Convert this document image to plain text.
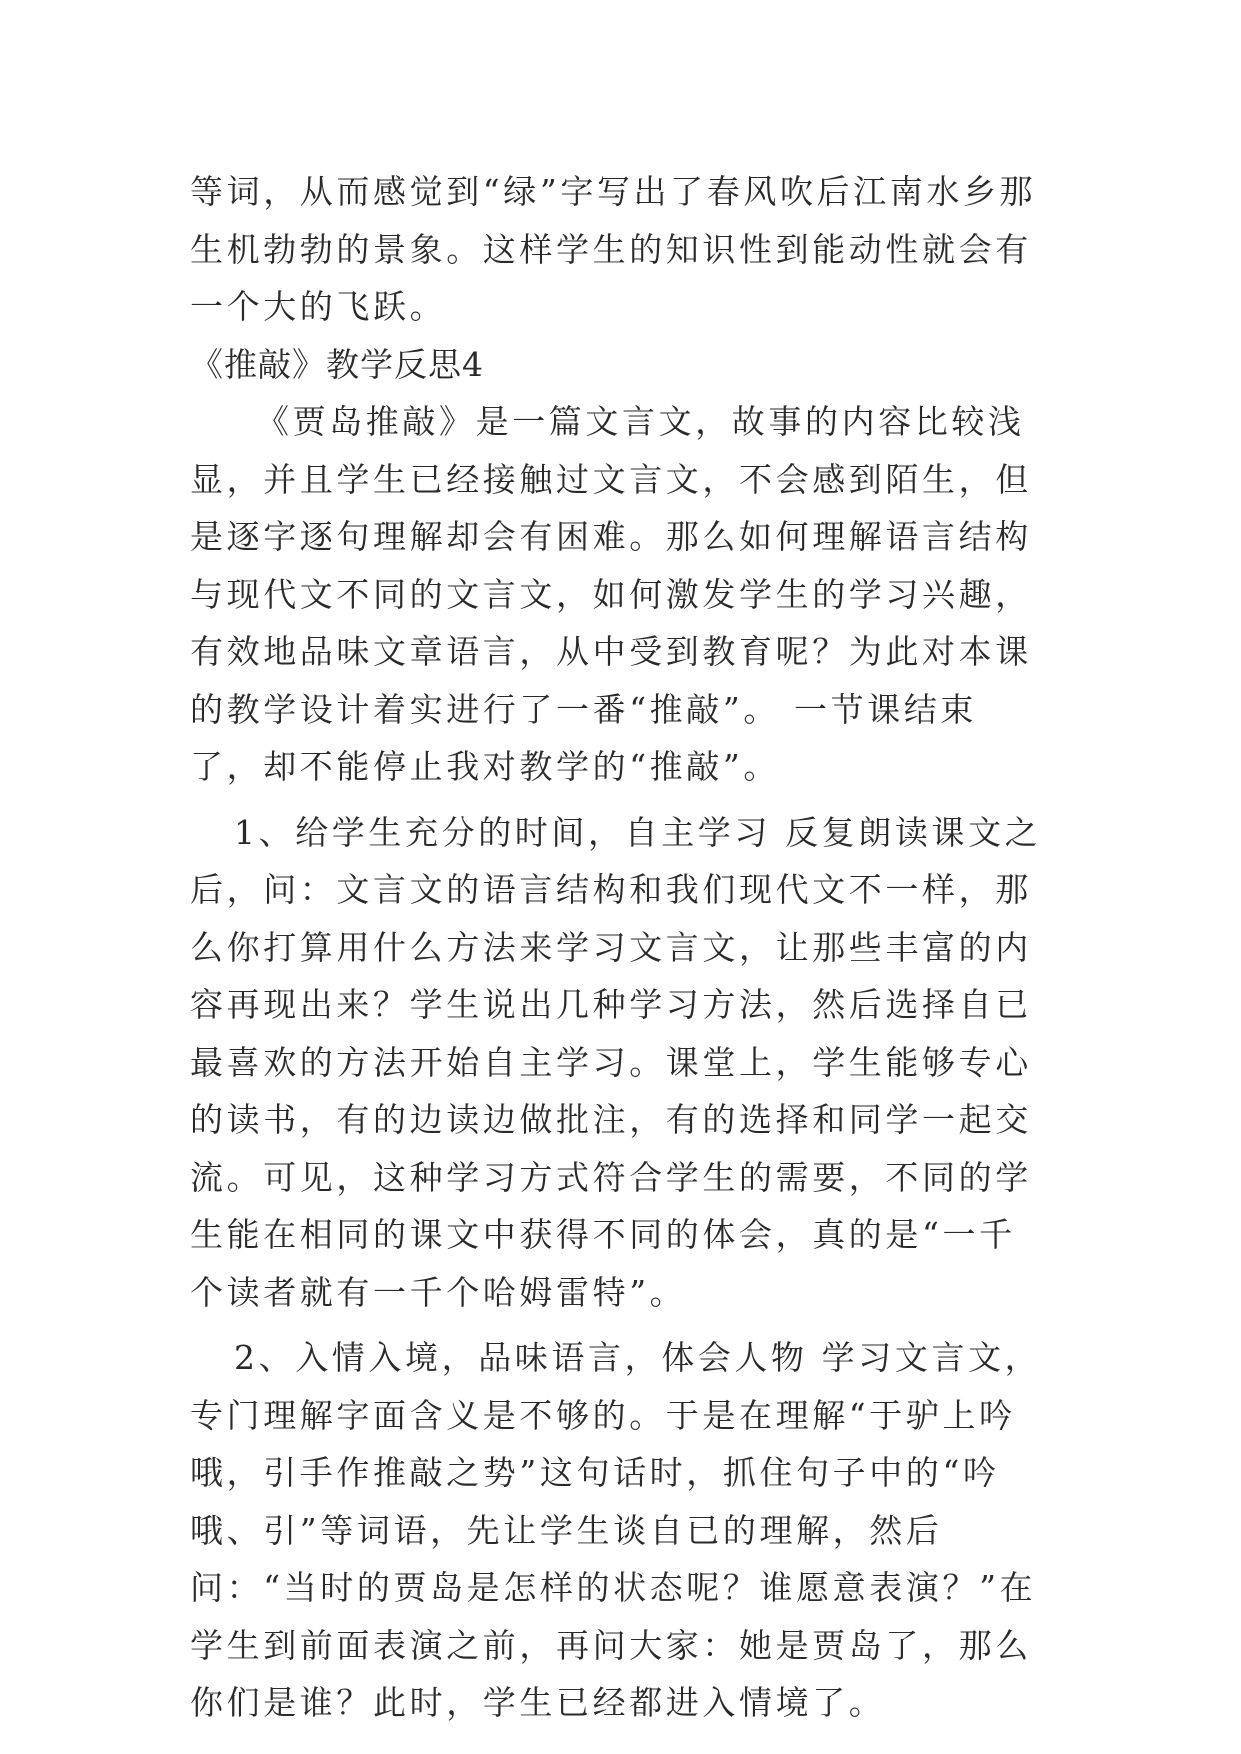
等词，从而感觉到“绿”字写出了春风吹后江南水乡那生机勃勃的景象。这样学生的知识性到能动性就会有一个大的飞跃。

《推敲》教学反思4

《贾岛推敲》是一篇文言文，故事的内容比较浅显，并且学生已经接触过文言文，不会感到陌生，但是逐字逐句理解却会有困难。那么如何理解语言结构与现代文不同的文言文，如何激发学生的学习兴趣，有效地品味文章语言，从中受到教育呢？为此对本课的教学设计着实进行了一番“推敲”。 一节课结束了，却不能停止我对教学的“推敲”。

1、给学生充分的时间，自主学习 反复朗读课文之后，问：文言文的语言结构和我们现代文不一样，那么你打算用什么方法来学习文言文，让那些丰富的内容再现出来？学生说出几种学习方法，然后选择自已最喜欢的方法开始自主学习。课堂上，学生能够专心的读书，有的边读边做批注，有的选择和同学一起交流。可见，这种学习方式符合学生的需要，不同的学生能在相同的课文中获得不同的体会，真的是“一千个读者就有一千个哈姆雷特”。

2、入情入境，品味语言，体会人物 学习文言文，专门理解字面含义是不够的。于是在理解“于驴上吟哦，引手作推敲之势”这句话时，抓住句子中的“吟哦、引”等词语，先让学生谈自已的理解，然后问：“当时的贾岛是怎样的状态呢？谁愿意表演？”在学生到前面表演之前，再问大家：她是贾岛了，那么你们是谁？此时，学生已经都进入情境了。
